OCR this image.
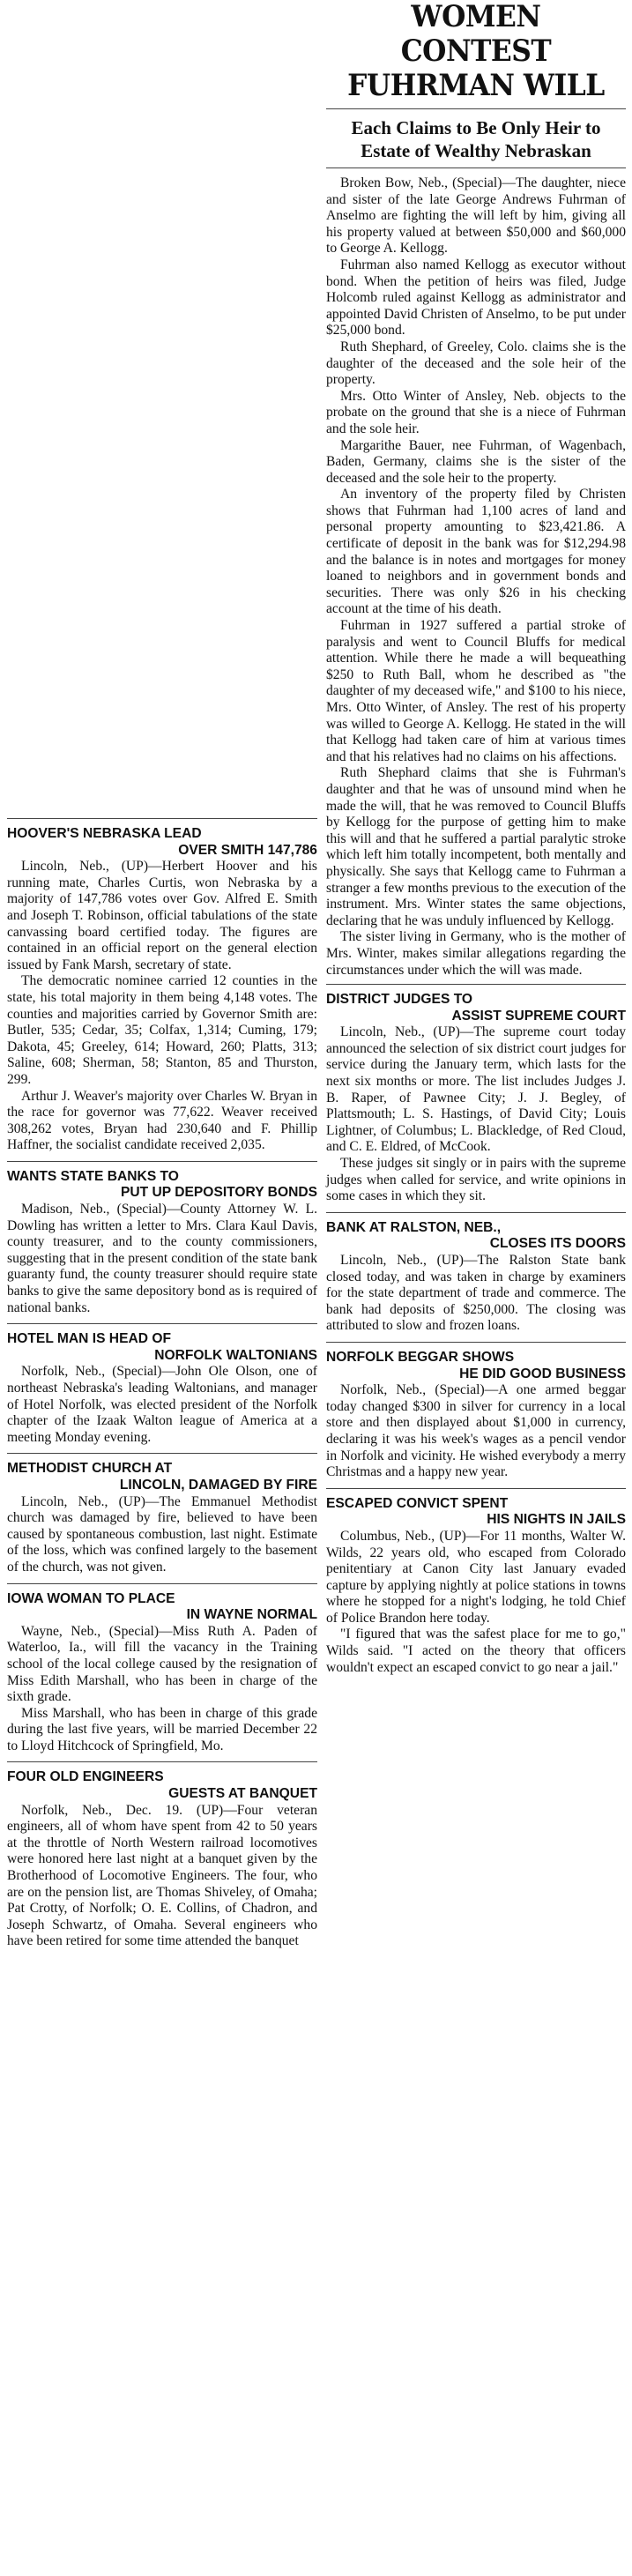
WOMEN CONTEST
FUHRMAN WILL
Each Claims to Be Only Heir to Estate of Wealthy Nebraskan

Broken Bow, Neb., (Special)—The daughter, niece and sister of the late George Andrews Fuhrman of Anselmo are fighting the will left by him, giving all his property valued at between $50,000 and $60,000 to George A. Kellogg.

Fuhrman also named Kellogg as executor without bond. When the petition of heirs was filed, Judge Holcomb ruled against Kellogg as administrator and appointed David Christen of Anselmo, to be put under $25,000 bond.

Ruth Shephard, of Greeley, Colo. claims she is the daughter of the deceased and the sole heir of the property.

Mrs. Otto Winter of Ansley, Neb. objects to the probate on the ground that she is a niece of Fuhrman and the sole heir.

Margarithe Bauer, nee Fuhrman, of Wagenbach, Baden, Germany, claims she is the sister of the deceased and the sole heir to the property.

An inventory of the property filed by Christen shows that Fuhrman had 1,100 acres of land and personal property amounting to $23,421.86. A certificate of deposit in the bank was for $12,294.98 and the balance is in notes and mortgages for money loaned to neighbors and in government bonds and securities. There was only $26 in his checking account at the time of his death.

Fuhrman in 1927 suffered a partial stroke of paralysis and went to Council Bluffs for medical attention. While there he made a will bequeathing $250 to Ruth Ball, whom he described as "the daughter of my deceased wife," and $100 to his niece, Mrs. Otto Winter, of Ansley. The rest of his property was willed to George A. Kellogg. He stated in the will that Kellogg had taken care of him at various times and that his relatives had no claims on his affections.

Ruth Shephard claims that she is Fuhrman's daughter and that he was of unsound mind when he made the will, that he was removed to Council Bluffs by Kellogg for the purpose of getting him to make this will and that he suffered a partial paralytic stroke which left him totally incompetent, both mentally and physically. She says that Kellogg came to Fuhrman a stranger a few months previous to the execution of the instrument. Mrs. Winter states the same objections, declaring that he was unduly influenced by Kellogg.

The sister living in Germany, who is the mother of Mrs. Winter, makes similar allegations regarding the circumstances under which the will was made.

DISTRICT JUDGES TO
ASSIST SUPREME COURT

Lincoln, Neb., (UP)—The supreme court today announced the selection of six district court judges for service during the January term, which lasts for the next six months or more. The list includes Judges J. B. Raper, of Pawnee City; J. J. Begley, of Plattsmouth; L. S. Hastings, of David City; Louis Lightner, of Columbus; L. Blackledge, of Red Cloud, and C. E. Eldred, of McCook.

These judges sit singly or in pairs with the supreme judges when called for service, and write opinions in some cases in which they sit.

BANK AT RALSTON, NEB.,
CLOSES ITS DOORS

Lincoln, Neb., (UP)—The Ralston State bank closed today, and was taken in charge by examiners for the state department of trade and commerce. The bank had deposits of $250,000. The closing was attributed to slow and frozen loans.

NORFOLK BEGGAR SHOWS
HE DID GOOD BUSINESS

Norfolk, Neb., (Special)—A one armed beggar today changed $300 in silver for currency in a local store and then displayed about $1,000 in currency, declaring it was his week's wages as a pencil vendor in Norfolk and vicinity. He wished everybody a merry Christmas and a happy new year.

ESCAPED CONVICT SPENT
HIS NIGHTS IN JAILS

Columbus, Neb., (UP)—For 11 months, Walter W. Wilds, 22 years old, who escaped from Colorado penitentiary at Canon City last January evaded capture by applying nightly at police stations in towns where he stopped for a night's lodging, he told Chief of Police Brandon here today.

"I figured that was the safest place for me to go," Wilds said. "I acted on the theory that officers wouldn't expect an escaped convict to go near a jail."

HOOVER'S NEBRASKA LEAD
OVER SMITH 147,786

Lincoln, Neb., (UP)—Herbert Hoover and his running mate, Charles Curtis, won Nebraska by a majority of 147,786 votes over Gov. Alfred E. Smith and Joseph T. Robinson, official tabulations of the state canvassing board certified today. The figures are contained in an official report on the general election issued by Fank Marsh, secretary of state.

The democratic nominee carried 12 counties in the state, his total majority in them being 4,148 votes. The counties and majorities carried by Governor Smith are: Butler, 535; Cedar, 35; Colfax, 1,314; Cuming, 179; Dakota, 45; Greeley, 614; Howard, 260; Platts, 313; Saline, 608; Sherman, 58; Stanton, 85 and Thurston, 299.

Arthur J. Weaver's majority over Charles W. Bryan in the race for governor was 77,622. Weaver received 308,262 votes, Bryan had 230,640 and F. Phillip Haffner, the socialist candidate received 2,035.

WANTS STATE BANKS TO
PUT UP DEPOSITORY BONDS

Madison, Neb., (Special)—County Attorney W. L. Dowling has written a letter to Mrs. Clara Kaul Davis, county treasurer, and to the county commissioners, suggesting that in the present condition of the state bank guaranty fund, the county treasurer should require state banks to give the same depository bond as is required of national banks.

HOTEL MAN IS HEAD OF
NORFOLK WALTONIANS

Norfolk, Neb., (Special)—John Ole Olson, one of northeast Nebraska's leading Waltonians, and manager of Hotel Norfolk, was elected president of the Norfolk chapter of the Izaak Walton league of America at a meeting Monday evening.

METHODIST CHURCH AT
LINCOLN, DAMAGED BY FIRE

Lincoln, Neb., (UP)—The Emmanuel Methodist church was damaged by fire, believed to have been caused by spontaneous combustion, last night. Estimate of the loss, which was confined largely to the basement of the church, was not given.

IOWA WOMAN TO PLACE
IN WAYNE NORMAL

Wayne, Neb., (Special)—Miss Ruth A. Paden of Waterloo, Ia., will fill the vacancy in the Training school of the local college caused by the resignation of Miss Edith Marshall, who has been in charge of the sixth grade.

Miss Marshall, who has been in charge of this grade during the last five years, will be married December 22 to Lloyd Hitchcock of Springfield, Mo.

FOUR OLD ENGINEERS
GUESTS AT BANQUET

Norfolk, Neb., Dec. 19. (UP)—Four veteran engineers, all of whom have spent from 42 to 50 years at the throttle of North Western railroad locomotives were honored here last night at a banquet given by the Brotherhood of Locomotive Engineers. The four, who are on the pension list, are Thomas Shiveley, of Omaha; Pat Crotty, of Norfolk; O. E. Collins, of Chadron, and Joseph Schwartz, of Omaha. Several engineers who have been retired for some time attended the banquet
